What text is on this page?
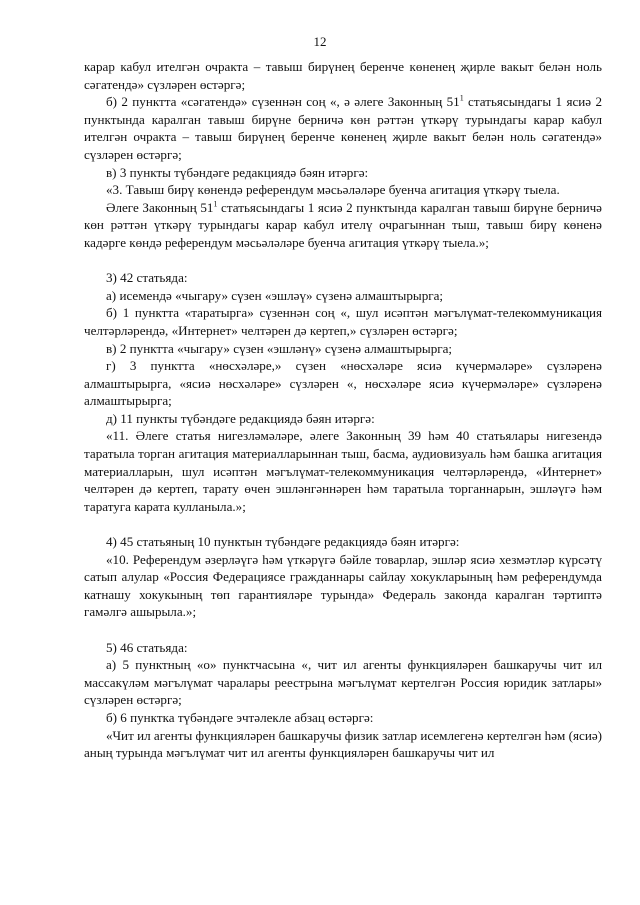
12

карар кабул ителгән очракта – тавыш бирүнең беренче көненең җирле вакыт белән ноль сәгатендә» сүзләрен өстәргә;

б) 2 пунктта «сәгатендә» сүзеннән соң «, ә әлеге Законның $51^1$ статьясындагы 1 ясиә 2 пунктында каралган тавыш бирүне берничә көн рәттән үткәрү турындагы карар кабул ителгән очракта – тавыш бирүнең беренче көненең җирле вакыт белән ноль сәгатендә» сүзләрен өстәргә;

в) 3 пункты түбәндәге редакциядә бәян итәргә:

«3. Тавыш бирү көнендә референдум мәсьәләләре буенча агитация үткәрү тыела.

Әлеге Законның $51^1$ статьясындагы 1 ясиә 2 пунктында каралган тавыш бирүне берничә көн рәттән үткәрү турындагы карар кабул ителү очрагыннан тыш, тавыш бирү көненә кадәрге көндә референдум мәсьәләләре буенча агитация үткәрү тыела.»;

3) 42 статьяда:

а) исемендә «чыгару» сүзен «эшләү» сүзенә алмаштырырга;

б) 1 пунктта «таратырга» сүзеннән соң «, шул исәптән мәгълүмат-телекоммуникация челтәрләрендә, «Интернет» челтәрен дә кертеп,» сүзләрен өстәргә;

в) 2 пунктта «чыгару» сүзен «эшләнү» сүзенә алмаштырырга;

г) 3 пунктта «нөсхәләре,» сүзен «нөсхәләре ясиә күчермәләре» сүзләренә алмаштырырга, «ясиә нөсхәләре» сүзләрен «, нөсхәләре ясиә күчермәләре» сүзләренә алмаштырырга;

д) 11 пункты түбәндәге редакциядә бәян итәргә:

«11. Әлеге статья нигезләмәләре, әлеге Законның 39 һәм 40 статьялары нигезендә таратыла торган агитация материалларыннан тыш, басма, аудиовизуаль һәм башка агитация материалларын, шул исәптән мәгълүмат-телекоммуникация челтәрләрендә, «Интернет» челтәрен дә кертеп, тарату өчен эшләнгәннәрен һәм таратыла торганнарын, эшләүгә һәм таратуга карата кулланыла.»;

4) 45 статьяның 10 пунктын түбәндәге редакциядә бәян итәргә:

«10. Референдум әзерләүгә һәм үткәрүгә бәйле товарлар, эшләр ясиә хезмәтләр күрсәтү сатып алулар «Россия Федерациясе гражданнары сайлау хокукларының һәм референдумда катнашу хокукының төп гарантияләре турында» Федераль законда каралган тәртиптә гамәлгә ашырыла.»;

5) 46 статьяда:

а) 5 пунктның «о» пунктчасына «, чит ил агенты функцияләрен башкаручы чит ил массакүләм мәгълүмат чаралары реестрына мәгълүмат кертелгән Россия юридик затлары» сүзләрен өстәргә;

б) 6 пунктка түбәндәге эчтәлекле абзац өстәргә:

«Чит ил агенты функцияләрен башкаручы физик затлар исемлегенә кертелгән һәм (ясиә) аның турында мәгълүмат чит ил агенты функцияләрен башкаручы чит ил
